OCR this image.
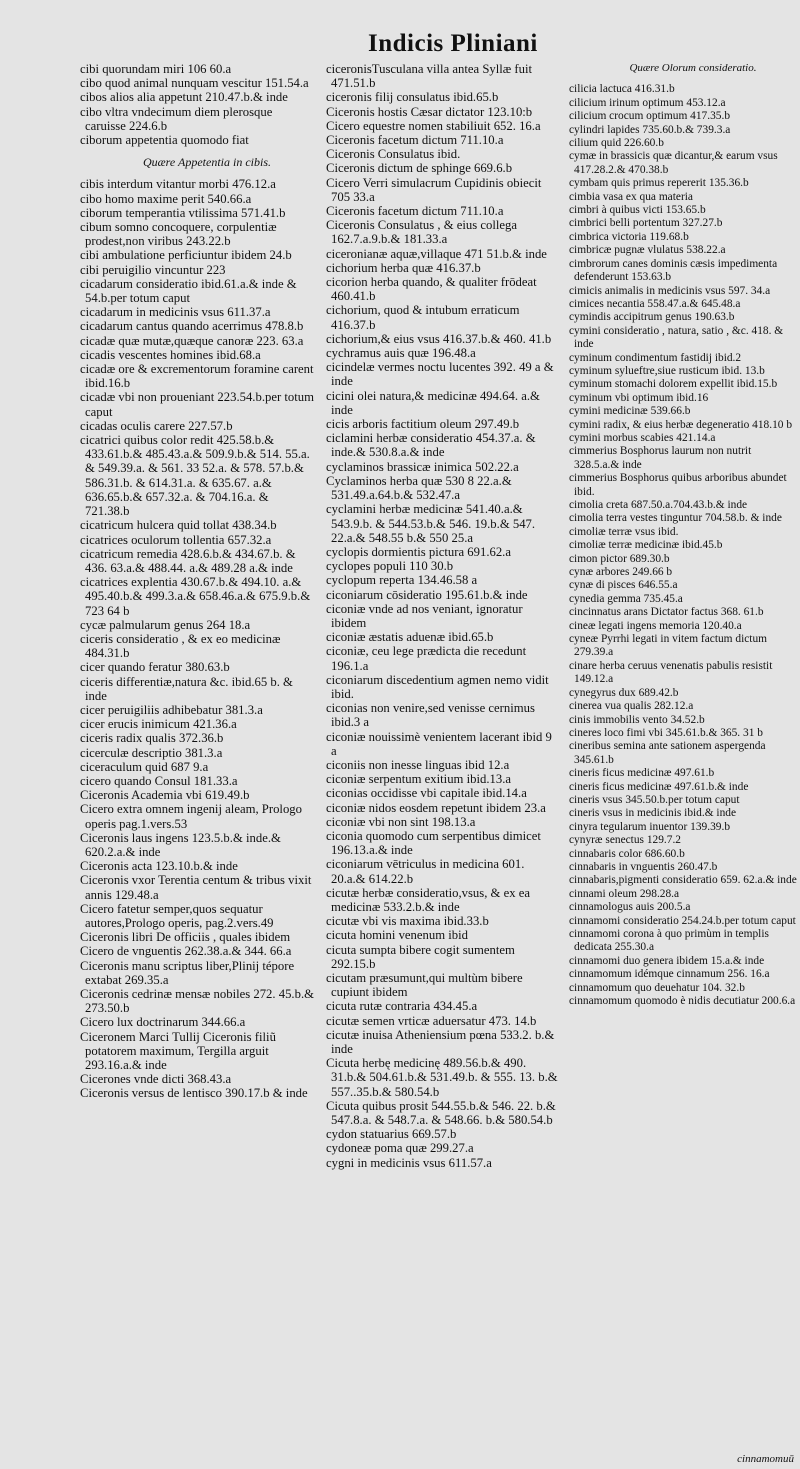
Indicis Pliniani
cibi quorundam miri 106 60.a
cibo quod animal nunquam vescitur 151.54.a
cibos alios alia appetunt 210.47.b.& inde
cibo vltra vndecimum diem plerosque caruisse 224.6.b
ciborum appetentia quomodo fiat
Quære Appetentia in cibis.
cibis interdum vitantur morbi 476.12.a
cibo homo maxime perit 540.66.a
ciborum temperantia vtilissima 571.41.b
cibum somno concoquere, corpulentiæ prodest,non viribus 243.22.b
cibi ambulatione perficiuntur ibidem 24.b
cibi peruigilio vincuntur 223
cicadarum consideratio ibid.61.a.& inde & 54.b.per totum caput
cicadarum in medicinis vsus 611.37.a
cicadarum cantus quando acerrimus 478.8.b
cicadæ quæ mutæ,quæque canoræ 223. 63.a
cicadis vescentes homines ibid.68.a
cicadæ ore & excrementorum foramine carent ibid.16.b
cicadæ vbi non proueniant 223.54.b.per totum caput
cicadas oculis carere 227.57.b
cicatrici quibus color redit 425.58.b.& 433.61.b.& 485.43.a.& 509.9.b.& 514. 55.a. & 549.39.a. & 561. 33 52.a. & 578. 57.b.& 586.31.b. & 614.31.a. & 635.67. a.& 636.65.b.& 657.32.a. & 704.16.a. & 721.38.b
cicatricum hulcera quid tollat 438.34.b
cicatrices oculorum tollentia 657.32.a
cicatricum remedia 428.6.b.& 434.67.b. & 436. 63.a.& 488.44. a.& 489.28 a.& inde
cicatrices explentia 430.67.b.& 494.10. a.& 495.40.b.& 499.3.a.& 658.46.a.& 675.9.b.& 723 64 b
cycæ palmularum genus 264 18.a
ciceris consideratio , & ex eo medicinæ 484.31.b
cicer quando feratur 380.63.b
ciceris differentiæ,natura &c. ibid.65 b. & inde
cicer peruigiliis adhibebatur 381.3.a
cicer erucis inimicum 421.36.a
ciceris radix qualis 372.36.b
cicerculæ descriptio 381.3.a
ciceraculum quid 687 9.a
cicero quando Consul 181.33.a
Ciceronis Academia vbi 619.49.b
Cicero extra omnem ingenij aleam, Prologo operis pag.1.vers.53
Ciceronis laus ingens 123.5.b.& inde.& 620.2.a.& inde
Ciceronis acta 123.10.b.& inde
Ciceronis vxor Terentia centum & tribus vixit annis 129.48.a
Cicero fatetur semper,quos sequatur autores,Prologo operis, pag.2.vers.49
Ciceronis libri De officiis , quales ibidem
Cicero de vnguentis 262.38.a.& 344. 66.a
Ciceronis manu scriptus liber,Plinij tépore extabat 269.35.a
Ciceronis cedrinæ mensæ nobiles 272. 45.b.& 273.50.b
Cicero lux doctrinarum 344.66.a
Ciceronem Marci Tullij Ciceronis filiũ potatorem maximum, Tergilla arguit 293.16.a.& inde
Cicerones vnde dicti 368.43.a
Ciceronis versus de lentisco 390.17.b & inde
ciceronisTusculana villa antea Syllæ fuit 471.51.b
ciceronis filij consulatus ibid.65.b
Ciceronis hostis Cæsar dictator 123.10:b
Cicero equestre nomen stabiliuit 652. 16.a
Ciceronis facetum dictum 711.10.a
Ciceronis Consulatus ibid.
Ciceronis dictum de sphinge 669.6.b
Cicero Verri simulacrum Cupidinis obiecit 705 33.a
Ciceronis facetum dictum 711.10.a
Ciceronis Consulatus , & eius collega 162.7.a.9.b.& 181.33.a
ciceronianæ aquæ,villaque 471 51.b.& inde
cichorium herba quæ 416.37.b
cicorion herba quando, & qualiter frōdeat 460.41.b
cichorium, quod & intubum erraticum 416.37.b
cichorium,& eius vsus 416.37.b.& 460. 41.b
cychramus auis quæ 196.48.a
cicindelæ vermes noctu lucentes 392. 49 a & inde
cicini olei natura,& medicinæ 494.64. a.& inde
cicis arboris factitium oleum 297.49.b
ciclamini herbæ consideratio 454.37.a. & inde.& 530.8.a.& inde
cyclaminos brassicæ inimica 502.22.a
Cyclaminos herba quæ 530 8 22.a.& 531.49.a.64.b.& 532.47.a
cyclamini herbæ medicinæ 541.40.a.& 543.9.b. & 544.53.b.& 546. 19.b.& 547. 22.a.& 548.55 b.& 550 25.a
cyclopis dormientis pictura 691.62.a
cyclopes populi 110 30.b
cyclopum reperta 134.46.58 a
ciconiarum cōsideratio 195.61.b.& inde
ciconiæ vnde ad nos veniant, ignoratur ibidem
ciconiæ æstatis aduenæ ibid.65.b
ciconiæ, ceu lege prædicta die recedunt 196.1.a
ciconiarum discedentium agmen nemo vidit ibid.
ciconias non venire,sed venisse cernimus ibid.3 a
ciconiæ nouissimè venientem lacerant ibid 9 a
ciconiis non inesse linguas ibid 12.a
ciconiæ serpentum exitium ibid.13.a
ciconias occidisse vbi capitale ibid.14.a
ciconiæ nidos eosdem repetunt ibidem 23.a
ciconiæ vbi non sint 198.13.a
ciconia quomodo cum serpentibus dimicet 196.13.a.& inde
ciconiarum vētriculus in medicina 601. 20.a.& 614.22.b
cicutæ herbæ consideratio,vsus, & ex ea medicinæ 533.2.b.& inde
cicutæ vbi vis maxima ibid.33.b
cicuta homini venenum ibid
cicuta sumpta bibere cogit sumentem 292.15.b
cicutam præsumunt,qui multùm bibere cupiunt ibidem
cicuta rutæ contraria 434.45.a
cicutæ semen vrticæ aduersatur 473. 14.b
cicutæ inuisa Atheniensium pœna 533.2. b.& inde
Cicuta herbę medicinę 489.56.b.& 490. 31.b.& 504.61.b.& 531.49.b. & 555. 13. b.& 557..35.b.& 580.54.b
Cicuta quibus prosit 544.55.b.& 546. 22. b.& 547.8.a. & 548.7.a. & 548.66. b.& 580.54.b
cydon statuarius 669.57.b
cydoneæ poma quæ 299.27.a
cygni in medicinis vsus 611.57.a
Quære Olorum consideratio.
cilicia lactuca 416.31.b
cilicium irinum optimum 453.12.a
cilicium crocum optimum 417.35.b
cylindri lapides 735.60.b.& 739.3.a
cilium quid 226.60.b
cymæ in brassicis quæ dicantur,& earum vsus 417.28.2.& 470.38.b
cymbam quis primus repererit 135.36.b
cimbia vasa ex qua materia
cimbri à quibus victi 153.65.b
cimbrici belli portentum 327.27.b
cimbrica victoria 119.68.b
cimbricæ pugnæ vlulatus 538.22.a
cimbrorum canes dominis cæsis impedimenta defenderunt 153.63.b
cimicis animalis in medicinis vsus 597. 34.a
cimices necantia 558.47.a.& 645.48.a
cymindis accipitrum genus 190.63.b
cymini consideratio , natura, satio , &c. 418. & inde
cyminum condimentum fastidij ibid.2
cyminum sylueftre,siue rusticum ibid. 13.b
cyminum stomachi dolorem expellit ibid.15.b
cyminum vbi optimum ibid.16
cymini medicinæ 539.66.b
cymini radix, & eius herbæ degeneratio 418.10 b
cymini morbus scabies 421.14.a
cimmerius Bosphorus laurum non nutrit 328.5.a.& inde
cimmerius Bosphorus quibus arboribus abundet ibid.
cimolia creta 687.50.a.704.43.b.& inde
cimolia terra vestes tinguntur 704.58.b. & inde
cimoliæ terræ vsus ibid.
cimoliæ terræ medicinæ ibid.45.b
cimon pictor 689.30.b
cynæ arbores 249.66 b
cynæ di pisces 646.55.a
cynedia gemma 735.45.a
cincinnatus arans Dictator factus 368. 61.b
cineæ legati ingens memoria 120.40.a
cyneæ Pyrrhi legati in vitem factum dictum 279.39.a
cinare herba ceruus venenatis pabulis resistit 149.12.a
cynegyrus dux 689.42.b
cinerea vua qualis 282.12.a
cinis immobilis vento 34.52.b
cineres loco fimi vbi 345.61.b.& 365. 31 b
cineribus semina ante sationem aspergenda 345.61.b
cineris ficus medicinæ 497.61.b
cineris ficus medicinæ 497.61.b.& inde
cineris vsus 345.50.b.per totum caput
cineris vsus in medicinis ibid.& inde
cinyra tegularum inuentor 139.39.b
cynyræ senectus 129.7.2
cinnabaris color 686.60.b
cinnabaris in vnguentis 260.47.b
cinnabaris,pigmenti consideratio 659. 62.a.& inde
cinnami oleum 298.28.a
cinnamologus auis 200.5.a
cinnamomi consideratio 254.24.b.per totum caput
cinnamomi corona à quo primùm in templis dedicata 255.30.a
cinnamomi duo genera ibidem 15.a.& inde
cinnamomum idémque cinnamum 256. 16.a
cinnamomum quo deuehatur 104. 32.b
cinnamomum quomodo è nidis decutiatur 200.6.a
cinnamomuū
